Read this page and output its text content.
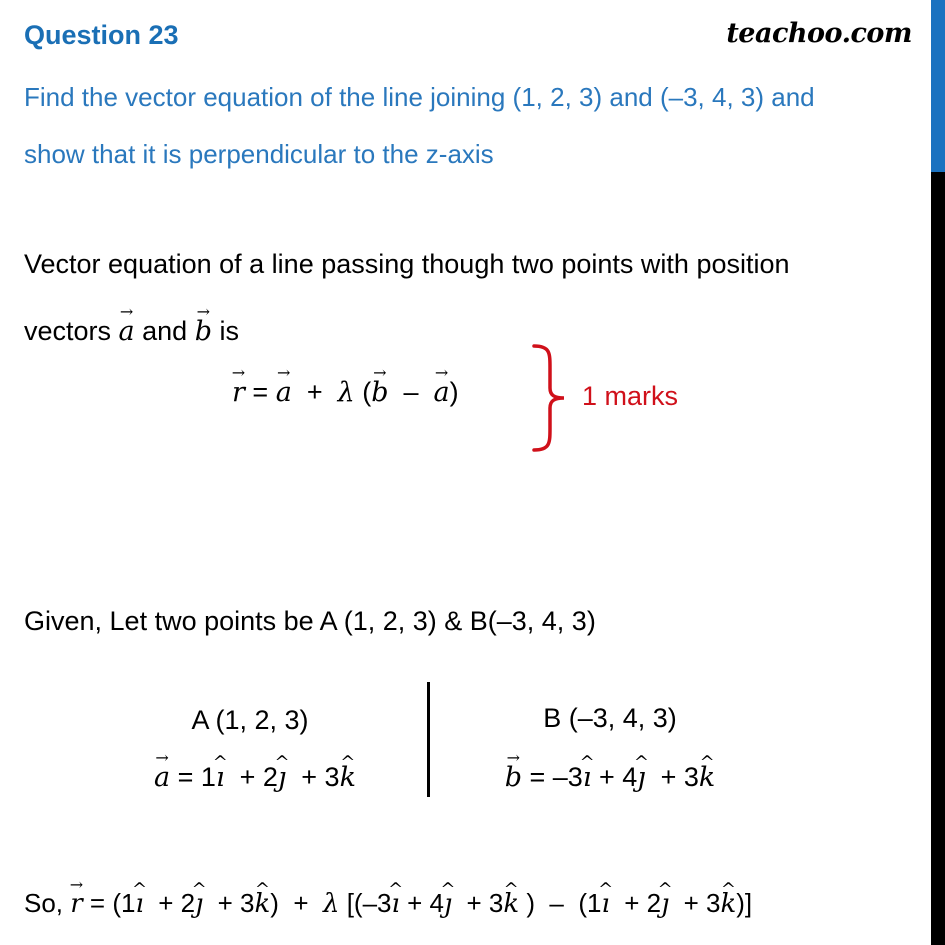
Question 23	teachoo.com
Find the vector equation of the line joining (1, 2, 3) and (–3, 4, 3) and
show that it is perpendicular to the z-axis
Vector equation of a line passing though two points with position
vectors → a and → b is
→ r = → a  +  λ (→ b  –  → a)	1 marks
Given, Let two points be A (1, 2, 3) & B(–3, 4, 3)
A (1, 2, 3)
→ a = 1^ ı  + 2^ ȷ  + 3^ k
B (–3, 4, 3)
→ b = –3^ ı + 4^ ȷ  + 3^ k
So, → r = (1^ ı  + 2^ ȷ  + 3^ k)  +  λ [(–3^ ı + 4^ ȷ  + 3^ k )  –  (1^ ı  + 2^ ȷ  + 3^ k)]
